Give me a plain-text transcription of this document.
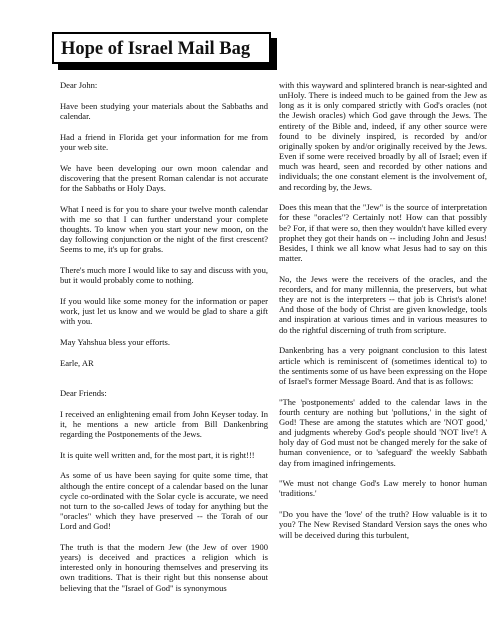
Hope of Israel Mail Bag

Dear John:

Have been studying your materials about the Sabbaths and calendar.

Had a friend in Florida get your information for me from your web site.

We have been developing our own moon calendar and discovering that the present Roman calendar is not accurate for the Sabbaths or Holy Days.

What I need is for you to share your twelve month calendar with me so that I can further understand your complete thoughts. To know when you start your new moon, on the day following conjunction or the night of the first crescent? Seems to me, it's up for grabs.

There's much more I would like to say and discuss with you, but it would probably come to nothing.

If you would like some money for the information or paper work, just let us know and we would be glad to share a gift with you.

May Yahshua bless your efforts.

Earle, AR

Dear Friends:

I received an enlightening email from John Keyser today. In it, he mentions a new article from Bill Dankenbring regarding the Postponements of the Jews.

It is quite well written and, for the most part, it is right!!!

As some of us have been saying for quite some time, that although the entire concept of a calendar based on the lunar cycle co-ordinated with the Solar cycle is accurate, we need not turn to the so-called Jews of today for anything but the "oracles" which they have preserved -- the Torah of our Lord and God!

The truth is that the modern Jew (the Jew of over 1900 years) is deceived and practices a religion which is interested only in honouring themselves and preserving its own traditions. That is their right but this nonsense about believing that the "Israel of God" is synonymous

with this wayward and splintered branch is near-sighted and unHoly. There is indeed much to be gained from the Jew as long as it is only compared strictly with God's oracles (not the Jewish oracles) which God gave through the Jews. The entirety of the Bible and, indeed, if any other source were found to be divinely inspired, is recorded by and/or originally spoken by and/or originally received by the Jews. Even if some were received broadly by all of Israel; even if much was heard, seen and recorded by other nations and individuals; the one constant element is the involvement of, and recording by, the Jews.

Does this mean that the "Jew" is the source of interpretation for these "oracles"? Certainly not! How can that possibly be? For, if that were so, then they wouldn't have killed every prophet they got their hands on -- including John and Jesus! Besides, I think we all know what Jesus had to say on this matter.

No, the Jews were the receivers of the oracles, and the recorders, and for many millennia, the preservers, but what they are not is the interpreters -- that job is Christ's alone! And those of the body of Christ are given knowledge, tools and inspiration at various times and in various measures to do the rightful discerning of truth from scripture.

Dankenbring has a very poignant conclusion to this latest article which is reminiscent of (sometimes identical to) to the sentiments some of us have been expressing on the Hope of Israel's former Message Board. And that is as follows:

"The 'postponements' added to the calendar laws in the fourth century are nothing but 'pollutions,' in the sight of God! These are among the statutes which are 'NOT good,' and judgments whereby God's people should 'NOT live'! A holy day of God must not be changed merely for the sake of human convenience, or to 'safeguard' the weekly Sabbath day from imagined infringements.

"We must not change God's Law merely to honor human 'traditions.'

"Do you have the 'love' of the truth? How valuable is it to you? The New Revised Standard Version says the ones who will be deceived during this turbulent,
